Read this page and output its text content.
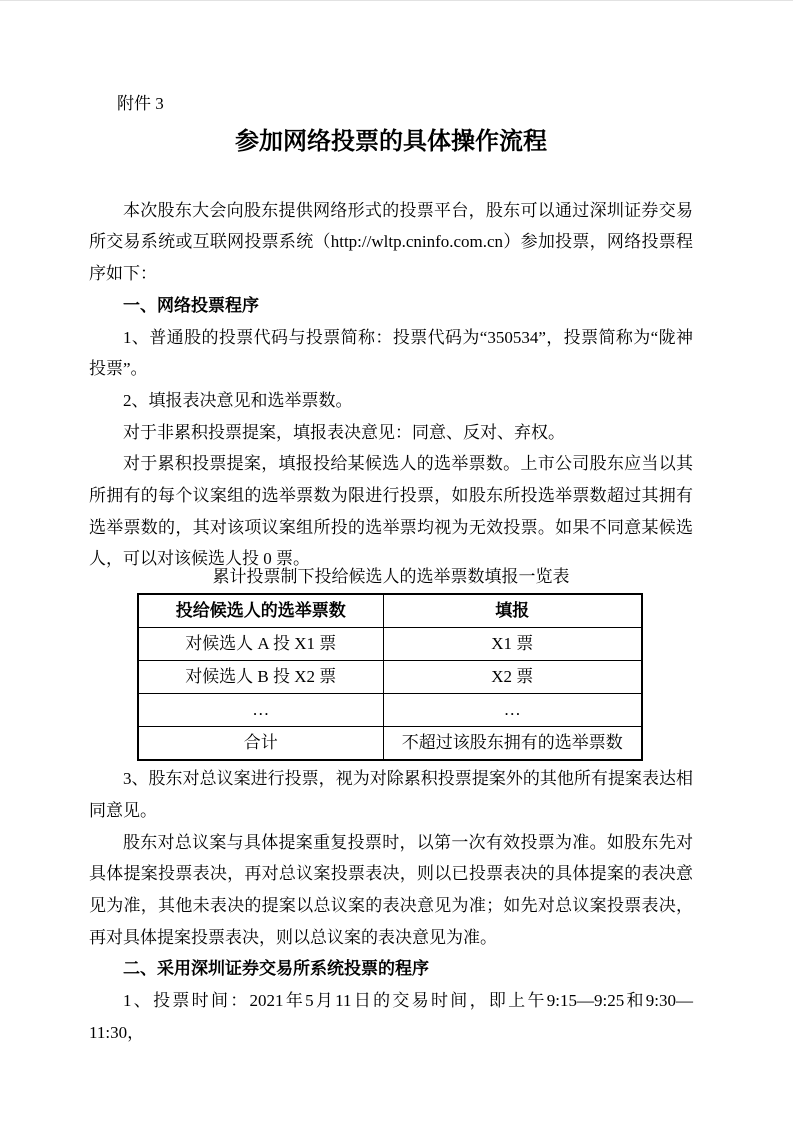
附件 3
参加网络投票的具体操作流程

本次股东大会向股东提供网络形式的投票平台，股东可以通过深圳证券交易所交易系统或互联网投票系统（http://wltp.cninfo.com.cn）参加投票，网络投票程序如下：

一、网络投票程序

1、普通股的投票代码与投票简称：投票代码为“350534”，投票简称为“陇神投票”。

2、填报表决意见和选举票数。

对于非累积投票提案，填报表决意见：同意、反对、弃权。

对于累积投票提案，填报投给某候选人的选举票数。上市公司股东应当以其所拥有的每个议案组的选举票数为限进行投票，如股东所投选举票数超过其拥有选举票数的，其对该项议案组所投的选举票均视为无效投票。如果不同意某候选人，可以对该候选人投 0 票。

累计投票制下投给候选人的选举票数填报一览表
投给候选人的选举票数	填报
对候选人 A 投 X1 票	X1 票
对候选人 B 投 X2 票	X2 票
…	…
合计	不超过该股东拥有的选举票数

3、股东对总议案进行投票，视为对除累积投票提案外的其他所有提案表达相同意见。

股东对总议案与具体提案重复投票时，以第一次有效投票为准。如股东先对具体提案投票表决，再对总议案投票表决，则以已投票表决的具体提案的表决意见为准，其他未表决的提案以总议案的表决意见为准；如先对总议案投票表决，再对具体提案投票表决，则以总议案的表决意见为准。

二、采用深圳证券交易所系统投票的程序

1、投票时间：2021年5月11日的交易时间，即上午9:15—9:25和9:30—11:30，
